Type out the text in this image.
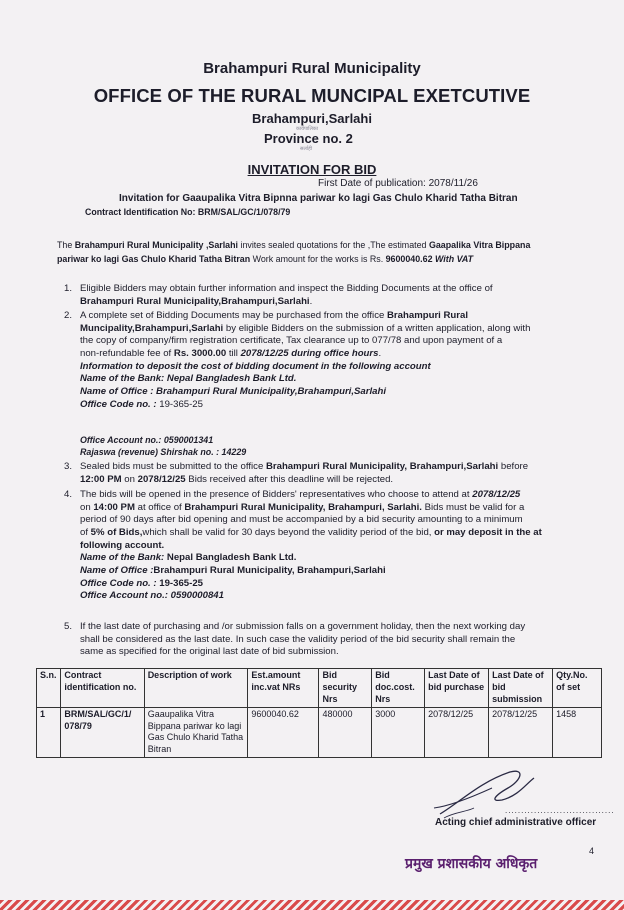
Brahampuri Rural Municipality
OFFICE OF THE RURAL MUNCIPAL EXETCUTIVE
Brahampuri,Sarlahi
Province no. 2
कार्यपालिका
सर्लाही
INVITATION FOR BID
First Date of publication: 2078/11/26
Invitation for Gaaupalika Vitra Bipnna pariwar ko lagi Gas Chulo Kharid Tatha Bitran
Contract Identification No: BRM/SAL/GC/1/078/79
The Brahampuri Rural Municipality ,Sarlahi invites sealed quotations for the ,The estimated Gaapalika Vitra Bippana
pariwar ko lagi Gas Chulo Kharid Tatha Bitran Work amount for the works is Rs. 9600040.62 With VAT
1. Eligible Bidders may obtain further information and inspect the Bidding Documents at the office of
Brahampuri Rural Municipality,Brahampuri,Sarlahi.
2. A complete set of Bidding Documents may be purchased from the office Brahampuri Rural
Muncipality,Brahampuri,Sarlahi by eligible Bidders on the submission of a written application, along with
the copy of company/firm registration certificate, Tax clearance up to 077/78 and upon payment of a
non-refundable fee of Rs. 3000.00 till 2078/12/25 during office hours.
Information to deposit the cost of bidding document in the following account
Name of the Bank: Nepal Bangladesh Bank Ltd.
Name of Office : Brahampuri Rural Municipality,Brahampuri,Sarlahi
Office Code no. : 19-365-25
Office Account no.: 0590001341
Rajaswa (revenue) Shirshak no. : 14229
3. Sealed bids must be submitted to the office Brahampuri Rural Municipality, Brahampuri,Sarlahi before
12:00 PM on 2078/12/25 Bids received after this deadline will be rejected.
4. The bids will be opened in the presence of Bidders' representatives who choose to attend at 2078/12/25
on 14:00 PM at office of Brahampuri Rural Municipality, Brahampuri, Sarlahi. Bids must be valid for a
period of 90 days after bid opening and must be accompanied by a bid security amounting to a minimum
of 5% of Bids,which shall be valid for 30 days beyond the validity period of the bid, or may deposit in the at
following account.
Name of the Bank: Nepal Bangladesh Bank Ltd.
Name of Office :Brahampuri Rural Municipality, Brahampuri,Sarlahi
Office Code no. : 19-365-25
Office Account no.: 0590000841
5. If the last date of purchasing and /or submission falls on a government holiday, then the next working day
shall be considered as the last date. In such case the validity period of the bid security shall remain the
same as specified for the original last date of bid submission.
S.n.	Contract identification no.	Description of work	Est.amount inc.vat NRs	Bid security Nrs	Bid doc.cost. Nrs	Last Date of bid purchase	Last Date of bid submission	Qty.No. of set
1	BRM/SAL/GC/1/ 078/79	Gaaupalika Vitra Bippana pariwar ko lagi Gas Chulo Kharid Tatha Bitran	9600040.62	480000	3000	2078/12/25	2078/12/25	1458
..................................
Acting chief administrative officer
4
प्रमुख प्रशासकीय अधिकृत
